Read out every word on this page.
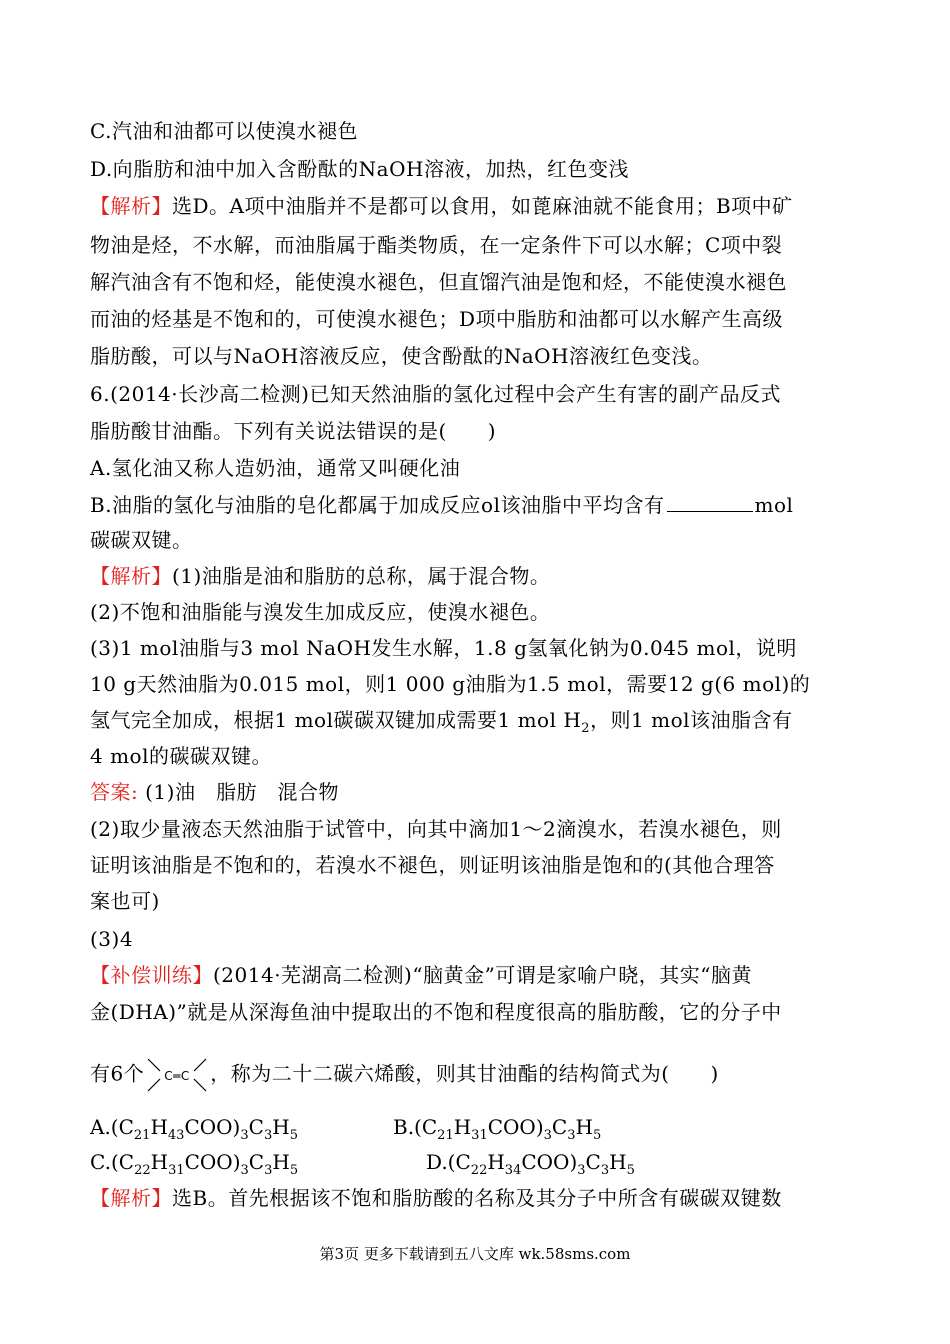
C.汽油和油都可以使溴水褪色
D.向脂肪和油中加入含酚酞的NaOH溶液，加热，红色变浅
【解析】选D。A项中油脂并不是都可以食用，如蓖麻油就不能食用；B项中矿
物油是烃，不水解，而油脂属于酯类物质，在一定条件下可以水解；C项中裂
解汽油含有不饱和烃，能使溴水褪色，但直馏汽油是饱和烃，不能使溴水褪色
而油的烃基是不饱和的，可使溴水褪色；D项中脂肪和油都可以水解产生高级
脂肪酸，可以与NaOH溶液反应，使含酚酞的NaOH溶液红色变浅。
6.(2014·长沙高二检测)已知天然油脂的氢化过程中会产生有害的副产品反式
脂肪酸甘油酯。下列有关说法错误的是(　　)
A.氢化油又称人造奶油，通常又叫硬化油
B.油脂的氢化与油脂的皂化都属于加成反应ol该油脂中平均含有	mol
碳碳双键。
【解析】(1)油脂是油和脂肪的总称，属于混合物。
(2)不饱和油脂能与溴发生加成反应，使溴水褪色。
(3)1 mol油脂与3 mol NaOH发生水解，1.8 g氢氧化钠为0.045 mol，说明
10 g天然油脂为0.015 mol，则1 000 g油脂为1.5 mol，需要12 g(6 mol)的
氢气完全加成，根据1 mol碳碳双键加成需要1 mol $H_2$，则1 mol该油脂含有
4 mol的碳碳双键。
答案: (1)油　脂肪　混合物
(2)取少量液态天然油脂于试管中，向其中滴加1～2滴溴水，若溴水褪色，则
证明该油脂是不饱和的，若溴水不褪色，则证明该油脂是饱和的(其他合理答
案也可)
(3)4
【补偿训练】(2014·芜湖高二检测)“脑黄金”可谓是家喻户晓，其实“脑黄
金(DHA)”就是从深海鱼油中提取出的不饱和程度很高的脂肪酸，它的分子中
有6个 C═C ，称为二十二碳六烯酸，则其甘油酯的结构简式为(　　)
$A.(C_{21}H_{43}COO)_3C_3H_5$	$B.(C_{21}H_{31}COO)_3C_3H_5$
$C.(C_{22}H_{31}COO)_3C_3H_5$	$D.(C_{22}H_{34}COO)_3C_3H_5$
【解析】选B。首先根据该不饱和脂肪酸的名称及其分子中所含有碳碳双键数
第3页 更多下载请到五八文库 wk.58sms.com
